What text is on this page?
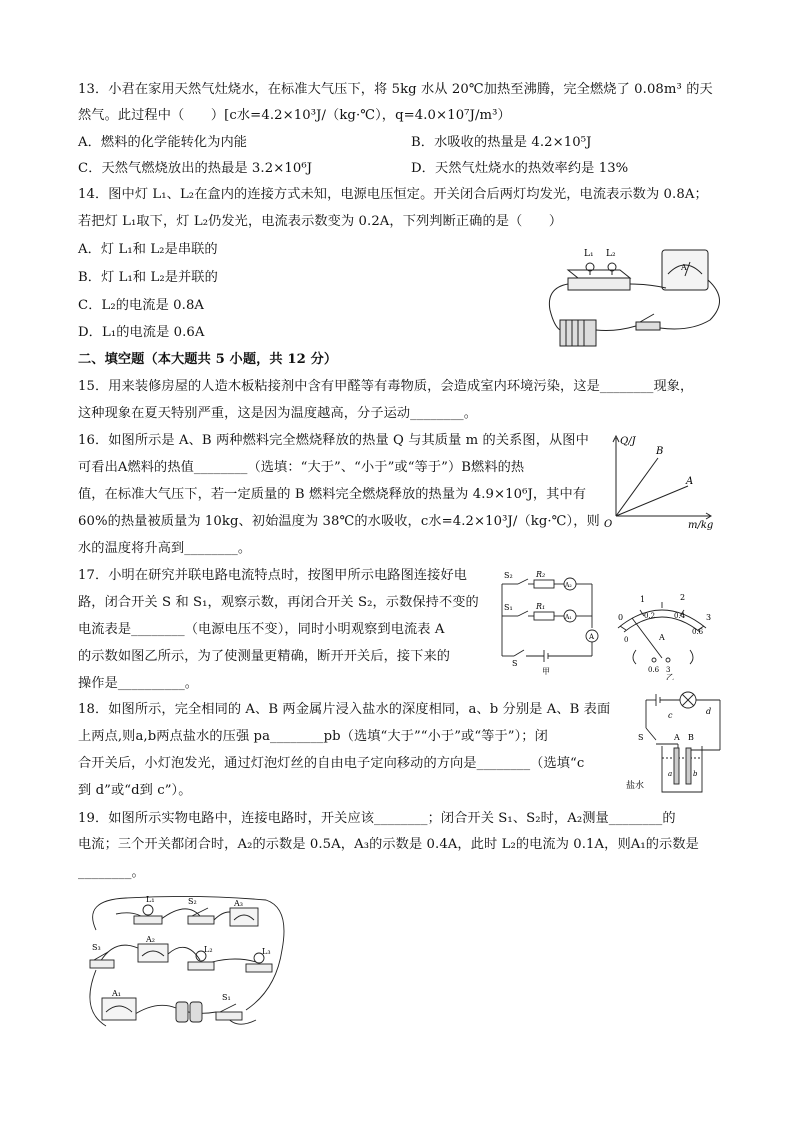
13．小君在家用天然气灶烧水，在标准大气压下，将 5kg 水从 20℃加热至沸腾，完全燃烧了 0.08m³ 的天
然气。此过程中（　　）[c水=4.2×10³J/（kg·℃），q=4.0×10⁷J/m³）
A．燃料的化学能转化为内能	B．水吸收的热量是 4.2×10⁵J
C．天然气燃烧放出的热最是 3.2×10⁶J	D．天然气灶烧水的热效率约是 13%
14．图中灯 L₁、L₂在盒内的连接方式未知，电源电压恒定。开关闭合后两灯均发光，电流表示数为 0.8A；
若把灯 L₁取下，灯 L₂仍发光，电流表示数变为 0.2A，下列判断正确的是（　　）
A．灯 L₁和 L₂是串联的
B．灯 L₁和 L₂是并联的
C．L₂的电流是 0.8A
D．L₁的电流是 0.6A
L₁ L₂
A
二、填空题（本大题共 5 小题，共 12 分）
15．用来装修房屋的人造木板粘接剂中含有甲醛等有毒物质，会造成室内环境污染，这是________现象，
这种现象在夏天特别严重，这是因为温度越高，分子运动________。
16．如图所示是 A、B 两种燃料完全燃烧释放的热量 Q 与其质量 m 的关系图，从图中
可看出A燃料的热值________（选填：“大于”、“小于”或“等于”）B燃料的热
值，在标准大气压下，若一定质量的 B 燃料完全燃烧释放的热量为 4.9×10⁶J，其中有
60%的热量被质量为 10kg、初始温度为 38℃的水吸收，c水=4.2×10³J/（kg·℃），则
水的温度将升高到________。
Q/J
m/kg
O
B
A
17．小明在研究并联电路电流特点时，按图甲所示电路图连接好电
路，闭合开关 S 和 S₁，观察示数，再闭合开关 S₂，示数保持不变的
电流表是________（电源电压不变），同时小明观察到电流表 A
的示数如图乙所示，为了使测量更精确，断开开关后，接下来的
操作是__________。
S₂	R₂
A₂
S₁	R₁
A₁
A
S
甲
0
1	2
3
0
0.2	0.4
0.6
A
0.6 3
乙
18．如图所示，完全相同的 A、B 两金属片浸入盐水的深度相同，a、b 分别是 A、B 表面
上两点,则a,b两点盐水的压强 pa________pb（选填“大于”“小于”或“等于”）；闭
合开关后，小灯泡发光，通过灯泡灯丝的自由电子定向移动的方向是________（选填“c
到 d”或“d到 c”）。
c	d
S	A B
a	b
盐水
19．如图所示实物电路中，连接电路时，开关应该________；闭合开关 S₁、S₂时，A₂测量________的
电流；三个开关都闭合时，A₂的示数是 0.5A，A₃的示数是 0.4A，此时 L₂的电流为 0.1A，则A₁的示数是
________。
L₁	S₂	A₃
S₃
A₂
L₂	L₃
A₁	S₁
